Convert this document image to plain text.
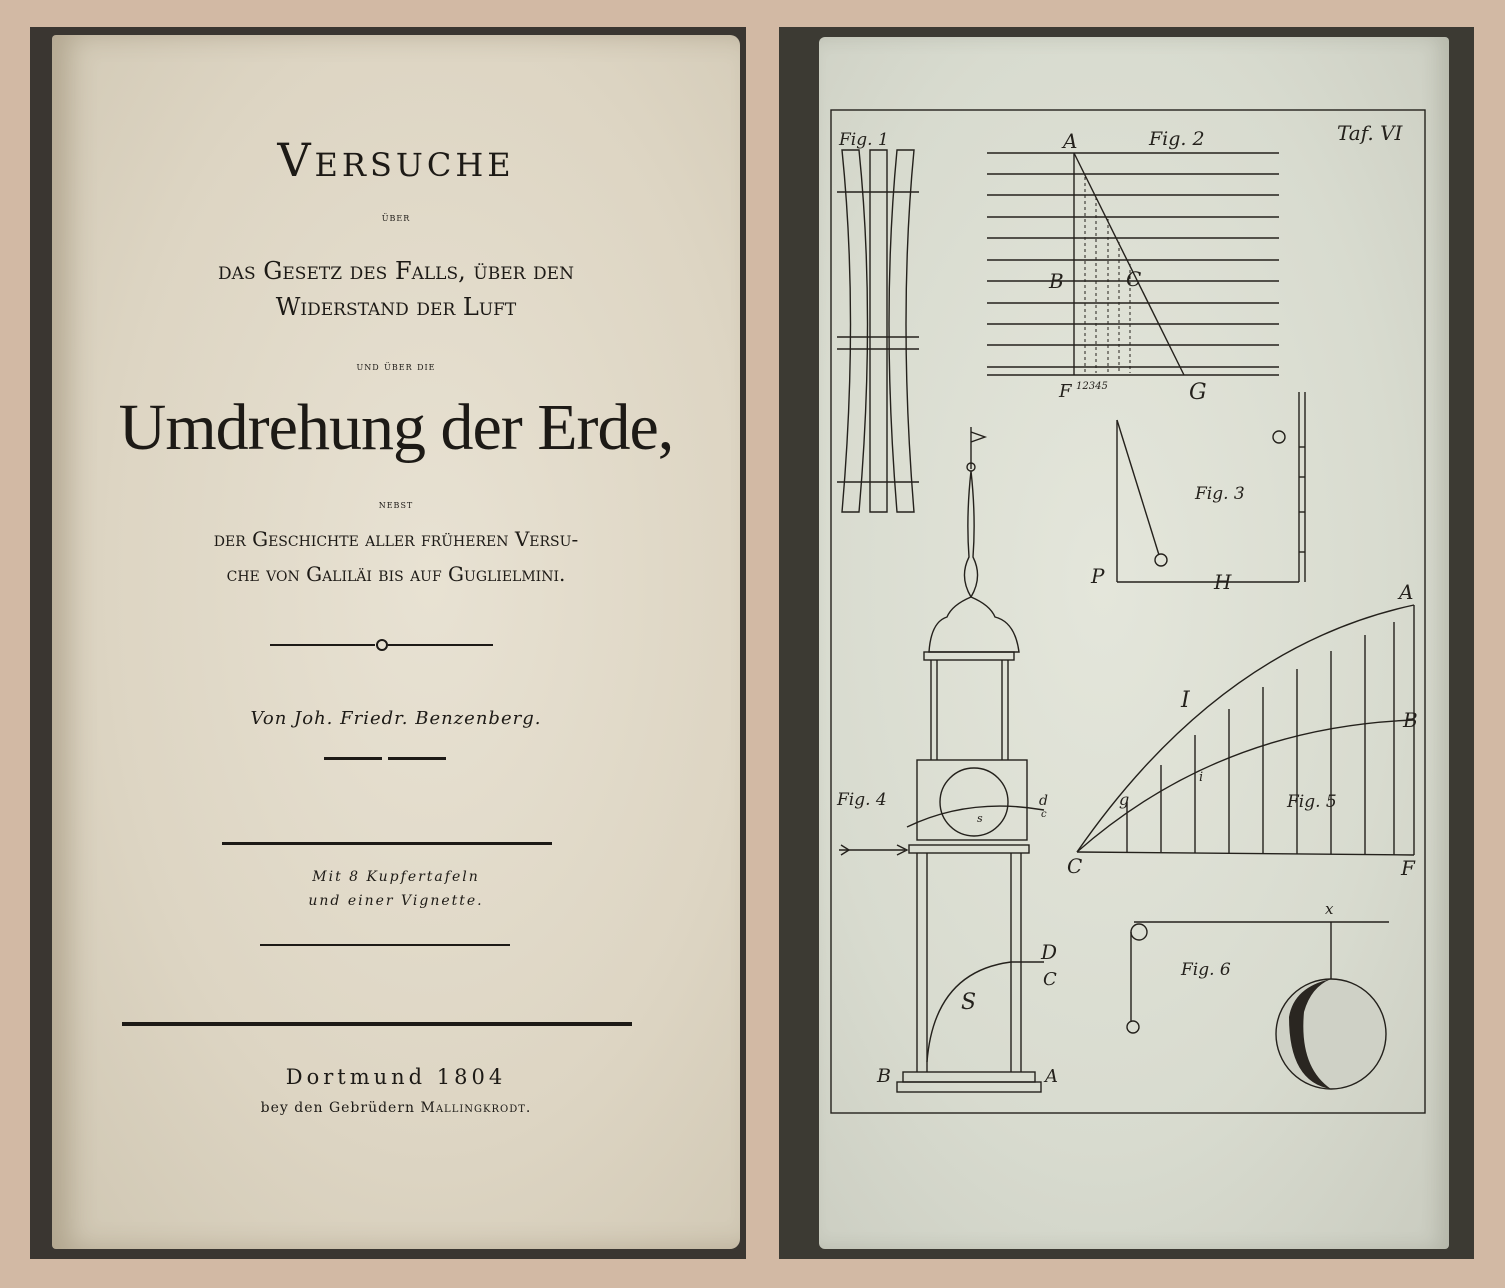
Versuche
über
das Gesetz des Falls, über den
Widerstand der Luft
und über die
Umdrehung der Erde,
nebst
der Geschichte aller früheren Versu-
che von Galiläi bis auf Guglielmini.
Von Joh. Friedr. Benzenberg.
Mit 8 Kupfertafeln
und einer Vignette.
Dortmund 1804
bey den Gebrüdern Mallingkrodt.
Fig. 1	Fig. 2	Taf. VI
A
B	C
F	G
12345
Fig. 3
P	H
Fig. 4	d
c
s
D
C
S
B	A
Fig. 5
A
B
I
i
g
C	F
Fig. 6
x
